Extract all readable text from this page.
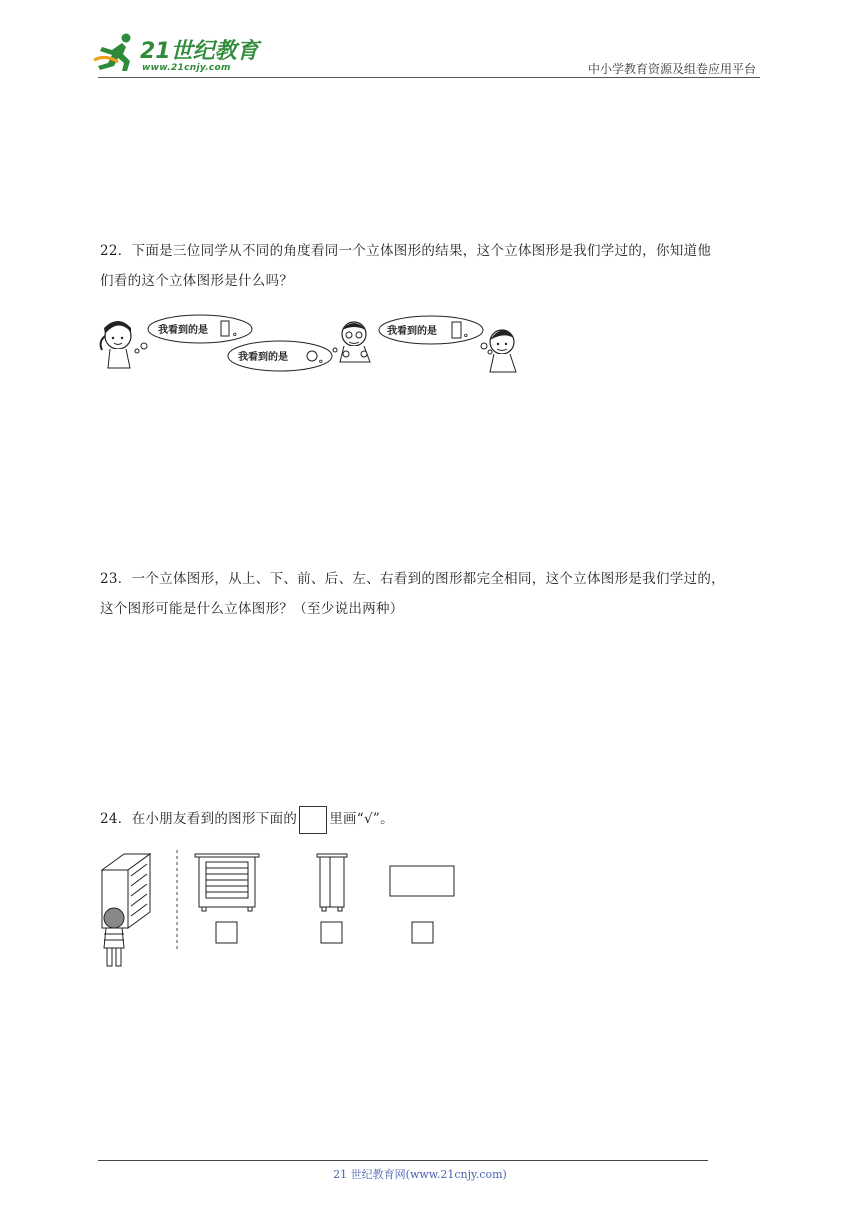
21世纪教育
www.21cnjy.com	中小学教育资源及组卷应用平台

22．下面是三位同学从不同的角度看同一个立体图形的结果，这个立体图形是我们学过的，你知道他

们看的这个立体图形是什么吗？

我看到的是	。
我看到的是	。
我看到的是	。

23．一个立体图形，从上、下、前、后、左、右看到的图形都完全相同，这个立体图形是我们学过的，

这个图形可能是什么立体图形？（至少说出两种）

24．在小朋友看到的图形下面的 里画“√”。

21 世纪教育网(www.21cnjy.com)
